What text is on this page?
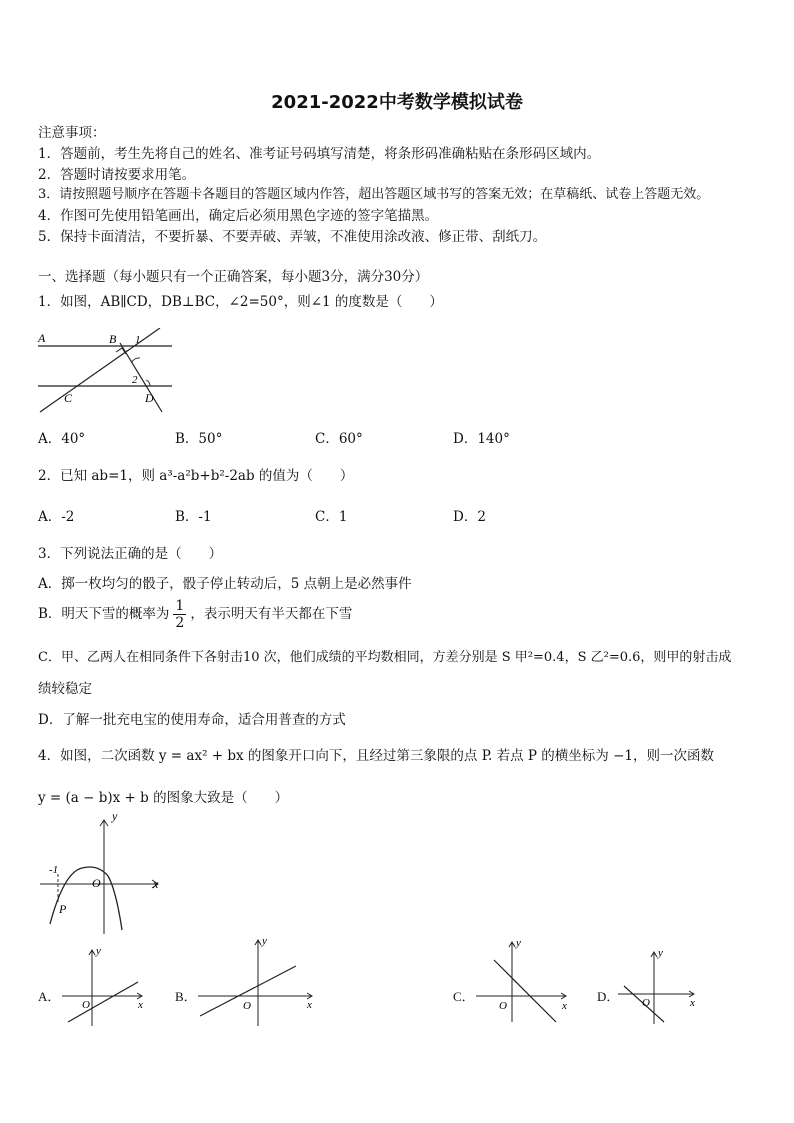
2021-2022中考数学模拟试卷
注意事项：
1．答题前，考生先将自己的姓名、准考证号码填写清楚，将条形码准确粘贴在条形码区域内。
2．答题时请按要求用笔。
3．请按照题号顺序在答题卡各题目的答题区域内作答，超出答题区域书写的答案无效；在草稿纸、试卷上答题无效。
4．作图可先使用铅笔画出，确定后必须用黑色字迹的签字笔描黑。
5．保持卡面清洁，不要折暴、不要弄破、弄皱，不准使用涂改液、修正带、刮纸刀。
一、选择题（每小题只有一个正确答案，每小题3分，满分30分）
1．如图，AB∥CD，DB⊥BC，∠2=50°，则∠1 的度数是（　　）
A	B
C	D
1
2
A．40°	B．50°	C．60°	D．140°
2．已知 ab=1，则 a³-a²b+b²-2ab 的值为（　　）
A．-2	B．-1	C．1	D．2
3．下列说法正确的是（　　）
A．掷一枚均匀的骰子，骰子停止转动后，5 点朝上是必然事件
B．明天下雪的概率为 $\frac{1}{2}$ ，表示明天有半天都在下雪
C．甲、乙两人在相同条件下各射击10 次，他们成绩的平均数相同，方差分别是 S 甲²=0.4，S 乙²=0.6，则甲的射击成
绩较稳定
D．了解一批充电宝的使用寿命，适合用普查的方式
4．如图，二次函数 y = ax² + bx 的图象开口向下，且经过第三象限的点 P. 若点 P 的横坐标为 −1，则一次函数
y = (a − b)x + b 的图象大致是（　　）
y
x
O
-1
P
A．
y
x
O
B．
y
x
O
C．
y
x
O
D．
y
x
O
